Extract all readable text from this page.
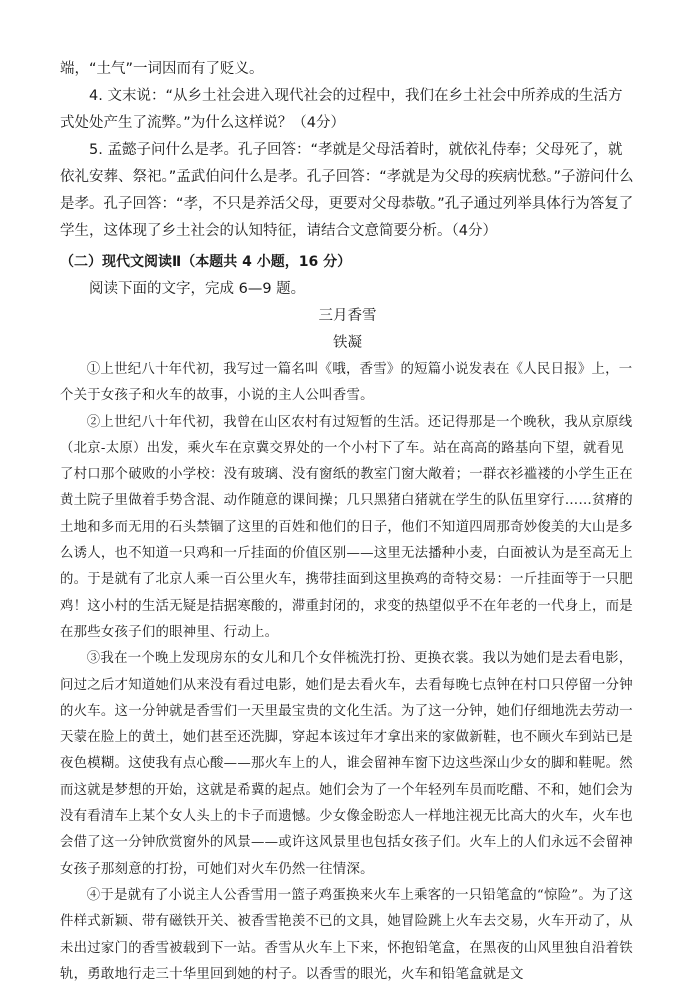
端，“土气”一词因而有了贬义。

4. 文末说：“从乡土社会进入现代社会的过程中，我们在乡土社会中所养成的生活方式处处产生了流弊。”为什么这样说？（4分）

5. 孟懿子问什么是孝。孔子回答：“孝就是父母活着时，就依礼侍奉；父母死了，就依礼安葬、祭祀。”孟武伯问什么是孝。孔子回答：“孝就是为父母的疾病忧愁。”子游问什么是孝。孔子回答：“孝，不只是养活父母，更要对父母恭敬。”孔子通过列举具体行为答复了学生，这体现了乡土社会的认知特征，请结合文意简要分析。（4分）

（二）现代文阅读Ⅱ（本题共 4 小题，16 分）

阅读下面的文字，完成 6—9 题。

三月香雪

铁凝

①上世纪八十年代初，我写过一篇名叫《哦，香雪》的短篇小说发表在《人民日报》上，一个关于女孩子和火车的故事，小说的主人公叫香雪。

②上世纪八十年代初，我曾在山区农村有过短暂的生活。还记得那是一个晚秋，我从京原线（北京-太原）出发，乘火车在京冀交界处的一个小村下了车。站在高高的路基向下望，就看见了村口那个破败的小学校：没有玻璃、没有窗纸的教室门窗大敞着；一群衣衫褴褛的小学生正在黄土院子里做着手势含混、动作随意的课间操；几只黑猪白猪就在学生的队伍里穿行……贫瘠的土地和多而无用的石头禁锢了这里的百姓和他们的日子，他们不知道四周那奇妙俊美的大山是多么诱人，也不知道一只鸡和一斤挂面的价值区别——这里无法播种小麦，白面被认为是至高无上的。于是就有了北京人乘一百公里火车，携带挂面到这里换鸡的奇特交易：一斤挂面等于一只肥鸡！这小村的生活无疑是拮据寒酸的，滞重封闭的，求变的热望似乎不在年老的一代身上，而是在那些女孩子们的眼神里、行动上。

③我在一个晚上发现房东的女儿和几个女伴梳洗打扮、更换衣裳。我以为她们是去看电影，问过之后才知道她们从来没有看过电影，她们是去看火车，去看每晚七点钟在村口只停留一分钟的火车。这一分钟就是香雪们一天里最宝贵的文化生活。为了这一分钟，她们仔细地洗去劳动一天蒙在脸上的黄土，她们甚至还洗脚，穿起本该过年才拿出来的家做新鞋，也不顾火车到站已是夜色模糊。这使我有点心酸——那火车上的人，谁会留神车窗下边这些深山少女的脚和鞋呢。然而这就是梦想的开始，这就是希冀的起点。她们会为了一个年轻列车员而吃醋、不和，她们会为没有看清车上某个女人头上的卡子而遗憾。少女像金盼恋人一样地注视无比高大的火车，火车也会借了这一分钟欣赏窗外的风景——或许这风景里也包括女孩子们。火车上的人们永远不会留神女孩子那刻意的打扮，可她们对火车仍然一往情深。

④于是就有了小说主人公香雪用一篮子鸡蛋换来火车上乘客的一只铅笔盒的“惊险”。为了这件样式新颖、带有磁铁开关、被香雪艳羡不已的文具，她冒险跳上火车去交易，火车开动了，从未出过家门的香雪被载到下一站。香雪从火车上下来，怀抱铅笔盒，在黑夜的山风里独自沿着铁轨，勇敢地行走三十华里回到她的村子。以香雪的眼光，火车和铅笔盒就是文
